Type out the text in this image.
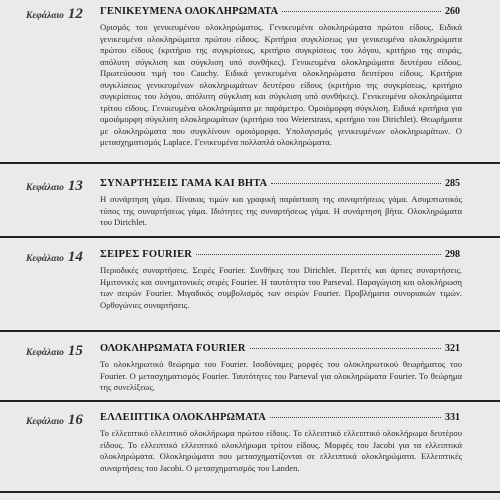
Κεφάλαιο 12 ΓΕΝΙΚΕΥΜΕΝΑ ΟΛΟΚΛΗΡΩΜΑΤΑ	260
Ορισμός του γενικευμένου ολοκληρώματος. Γενικευμένα ολοκληρώματα πρώτου είδους. Ειδικά γενικευμένα ολοκληρώματα πρώτου είδους. Κριτήρια συγκλίσεως για γενικευμένα ολοκληρώματα πρώτου είδους (κριτήριο της συγκρίσεως, κριτήριο συγκρίσεως του λόγου, κριτήριο της σειράς, απόλυτη σύγκλιση και σύγκλιση υπό συνθήκες). Γενικευμένα ολοκληρώματα δευτέρου είδους. Πρωτεύουσα τιμή του Cauchy. Ειδικά γενικευμένα ολοκληρώματα δευτέρου είδους. Κριτήρια συγκλίσεως γενικευμένων ολοκληρωμάτων δευτέρου είδους (κριτήριο της συγκρίσεως, κριτήριο συγκρίσεως του λόγου, απόλυτη σύγκλιση και σύγκλιση υπό συνθήκες). Γενικευμένα ολοκληρώματα τρίτου είδους. Γενικευμένα ολοκληρώματα με παράμετρο. Ομοιόμορφη σύγκλιση. Ειδικά κριτήρια για ομοιόμορφη σύγκλιση ολοκληρωμάτων (κριτήριο του Weierstrass, κριτήριο του Dirichlet). Θεωρήματα με ολοκληρώματα που συγκλίνουν ομοιόμορφα. Υπολογισμός γενικευμένων ολοκληρωμάτων. Ο μετασχηματισμός Laplace. Γενικευμένα πολλαπλά ολοκληρώματα.
Κεφάλαιο 13 ΣΥΝΑΡΤΗΣΕΙΣ ΓΑΜΑ ΚΑΙ ΒΗΤΑ	285
Η συνάρτηση γάμα. Πίνακας τιμών και γραφική παράσταση της συναρτήσεως γάμα. Ασυμπτωτικός τύπος της συναρτήσεως γάμα. Ιδιότητες της συναρτήσεως γάμα. Η συνάρτηση βήτα. Ολοκληρώματα του Dirichlet.
Κεφάλαιο 14 ΣΕΙΡΕΣ FOURIER	298
Περιοδικές συναρτήσεις. Σειρές Fourier. Συνθήκες του Dirichlet. Περιττές και άρτιες συναρτήσεις. Ημιτονικές και συνημιτονικές σειρές Fourier. Η ταυτότητα του Parseval. Παραγώγιση και ολοκλήρωση των σειρών Fourier. Μιγαδικός συμβολισμός των σειρών Fourier. Προβλήματα συνοριακών τιμών. Ορθογώνιες συναρτήσεις.
Κεφάλαιο 15 ΟΛΟΚΛΗΡΩΜΑΤΑ FOURIER	321
Το ολοκληρωτικό θεώρημα του Fourier. Ισοδύναμες μορφές του ολοκληρωτικού θεωρήματος του Fourier. Ο μετασχηματισμός Fourier. Ταυτότητες του Parseval για ολοκληρώματα Fourier. Το θεώρημα της συνελίξεως.
Κεφάλαιο 16 ΕΛΛΕΙΠΤΙΚΑ ΟΛΟΚΛΗΡΩΜΑΤΑ	331
Το ελλειπτικό ελλειπτικό ολοκλήρωμα πρώτου είδους. Το ελλειπτικό ελλειπτικό ολοκλήρωμα δευτέρου είδους. Το ελλειπτικό ελλειπτικό ολοκλήρωμα τρίτου είδους. Μορφές του Jacobi για τα ελλειπτικά ολοκληρώματα. Ολοκληρώματα που μετασχηματίζονται σε ελλειπτικά ολοκληρώματα. Ελλειπτικές συναρτήσεις του Jacobi. Ο μετασχηματισμός του Landen.
